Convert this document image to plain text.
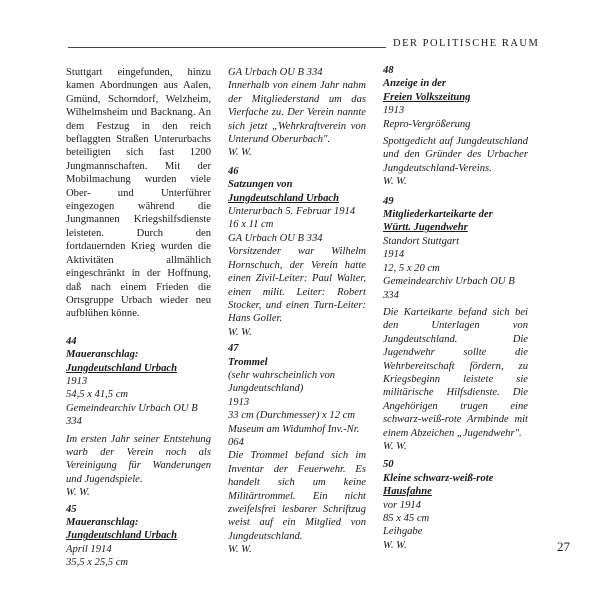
DER POLITISCHE RAUM
Stuttgart eingefunden, hinzu kamen Abordnungen aus Aalen, Gmünd, Schorndorf, Welzheim, Wilhelmsheim und Backnang. An dem Festzug in den reich beflaggten Straßen Unterurbachs beteiligten sich fast 1200 Jungmannschaften. Mit der Mobilmachung wurden viele Ober- und Unterführer eingezogen während die Jungmannen Kriegshilfsdienste leisteten. Durch den fortdauernden Krieg wurden die Aktivitäten allmählich eingeschränkt in der Hoffnung, daß nach einem Frieden die Ortsgruppe Urbach wieder neu aufblühen könne.
44
Maueranschlag:
Jungdeutschland Urbach
1913
54,5 x 41,5 cm
Gemeindearchiv Urbach OU B 334
Im ersten Jahr seiner Entstehung warb der Verein noch als Vereinigung für Wanderungen und Jugendspiele.
W. W.
45
Maueranschlag:
Jungdeutschland Urbach
April 1914
35,5 x 25,5 cm
GA Urbach OU B 334
Innerhalb von einem Jahr nahm der Mitgliederstand um das Vierfache zu. Der Verein nannte sich jetzt „Wehrkraftverein von Unterund Oberurbach".
W. W.
46
Satzungen von
Jungdeutschland Urbach
Unterurbach 5. Februar 1914
16 x 11 cm
GA Urbach OU B 334
Vorsitzender war Wilhelm Hornschuch, der Verein hatte einen Zivil-Leiter: Paul Walter, einen milit. Leiter: Robert Stocker, und einen Turn-Leiter: Hans Goller.
W. W.
47
Trommel
(sehr wahrscheinlich von Jungdeutschland)
1913
33 cm (Durchmesser) x 12 cm
Museum am Widumhof Inv.-Nr. 064
Die Trommel befand sich im Inventar der Feuerwehr. Es handelt sich um keine Militärtrommel. Ein nicht zweifelsfrei lesbarer Schriftzug weist auf ein Mitglied von Jungdeutschland.
W. W.
48
Anzeige in der
Freien Volkszeitung
1913
Repro-Vergrößerung
Spottgedicht auf Jungdeutschland und den Gründer des Urbacher Jungdeutschland-Vereins.
W. W.
49
Mitgliederkarteikarte der
Württ. Jugendwehr
Standort Stuttgart
1914
12, 5 x 20 cm
Gemeindearchiv Urbach OU B 334
Die Karteikarte befand sich bei den Unterlagen von Jungdeutschland. Die Jugendwehr sollte die Wehrbereitschaft fördern, zu Kriegsbeginn leistete sie militärische Hilfsdienste. Die Angehörigen trugen eine schwarz-weiß-rote Armbinde mit einem Abzeichen „Jugendwehr".
W. W.
50
Kleine schwarz-weiß-rote
Hausfahne
vor 1914
85 x 45 cm
Leihgabe
W. W.	27
